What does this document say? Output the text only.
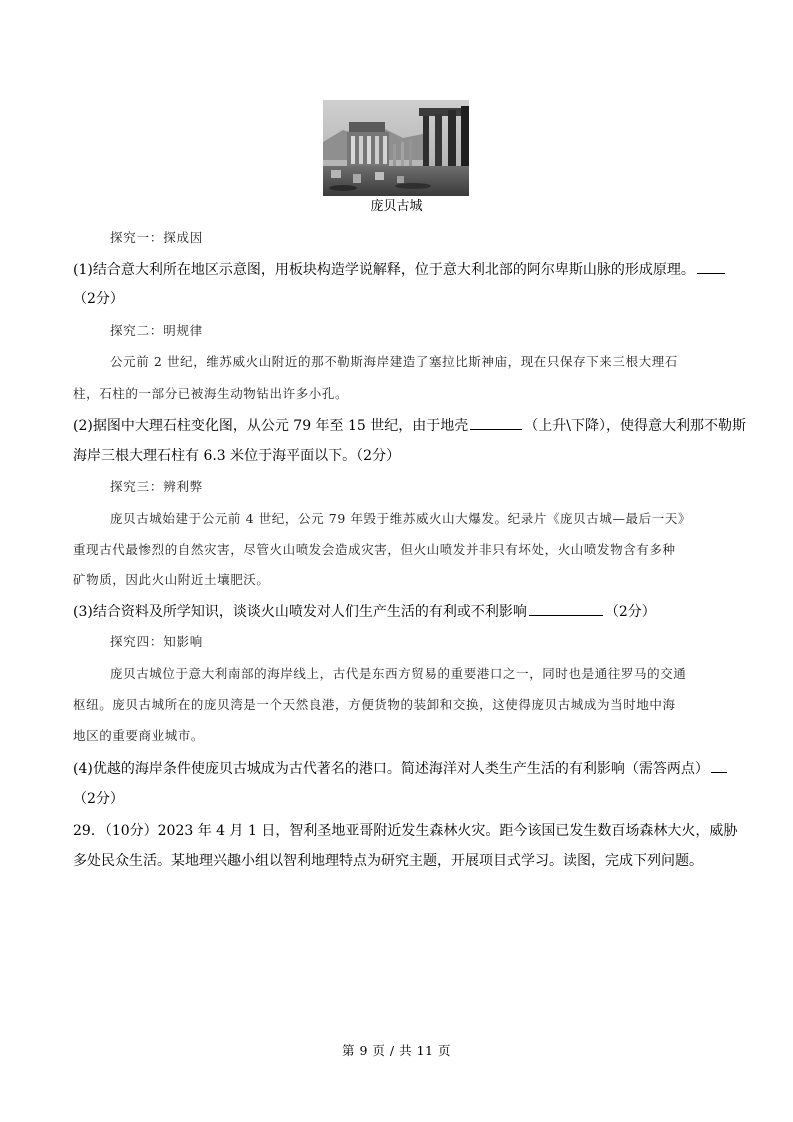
庞贝古城
探究一：探成因
(1)结合意大利所在地区示意图，用板块构造学说解释，位于意大利北部的阿尔卑斯山脉的形成原理。
（2分）
探究二：明规律
公元前 2 世纪，维苏威火山附近的那不勒斯海岸建造了塞拉比斯神庙，现在只保存下来三根大理石
柱，石柱的一部分已被海生动物钻出许多小孔。
(2)据图中大理石柱变化图，从公元 79 年至 15 世纪，由于地壳	（上升\下降），使得意大利那不勒斯
海岸三根大理石柱有 6.3 米位于海平面以下。（2分）
探究三：辨利弊
庞贝古城始建于公元前 4 世纪，公元 79 年毁于维苏威火山大爆发。纪录片《庞贝古城—最后一天》
重现古代最惨烈的自然灾害，尽管火山喷发会造成灾害，但火山喷发并非只有坏处，火山喷发物含有多种
矿物质，因此火山附近土壤肥沃。
(3)结合资料及所学知识，谈谈火山喷发对人们生产生活的有利或不利影响	（2分）
探究四：知影响
庞贝古城位于意大利南部的海岸线上，古代是东西方贸易的重要港口之一，同时也是通往罗马的交通
枢纽。庞贝古城所在的庞贝湾是一个天然良港，方便货物的装卸和交换，这使得庞贝古城成为当时地中海
地区的重要商业城市。
(4)优越的海岸条件使庞贝古城成为古代著名的港口。简述海洋对人类生产生活的有利影响（需答两点）
（2分）
29．（10分）2023 年 4 月 1 日，智利圣地亚哥附近发生森林火灾。距今该国已发生数百场森林大火，威胁
多处民众生活。某地理兴趣小组以智利地理特点为研究主题，开展项目式学习。读图，完成下列问题。
第 9 页 / 共 11 页
